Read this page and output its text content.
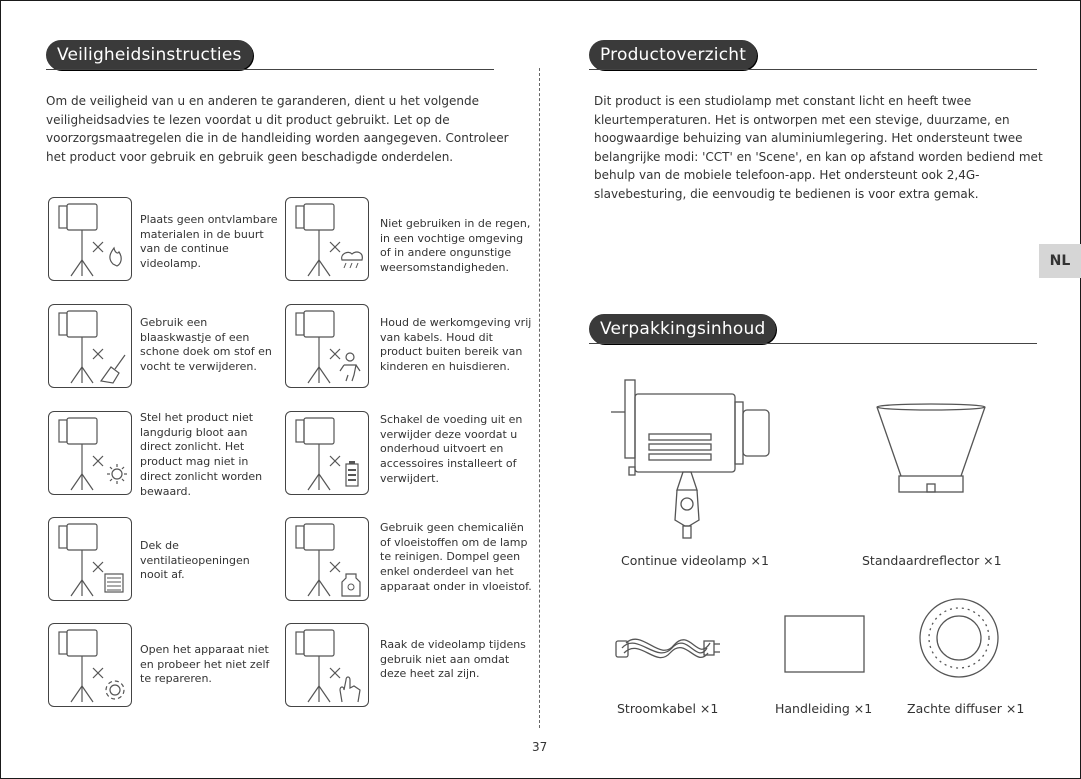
Veiligheidsinstructies
Om de veiligheid van u en anderen te garanderen, dient u het volgende veiligheidsadvies te lezen voordat u dit product gebruikt. Let op de voorzorgsmaatregelen die in de handleiding worden aangegeven. Controleer het product voor gebruik en gebruik geen beschadigde onderdelen.
Plaats geen ontvlambare materialen in de buurt van de continue videolamp.
Niet gebruiken in de regen, in een vochtige omgeving of in andere ongunstige weersomstandigheden.
Gebruik een blaaskwastje of een schone doek om stof en vocht te verwijderen.
Houd de werkomgeving vrij van kabels. Houd dit product buiten bereik van kinderen en huisdieren.
Stel het product niet langdurig bloot aan direct zonlicht. Het product mag niet in direct zonlicht worden bewaard.
Schakel de voeding uit en verwijder deze voordat u onderhoud uitvoert en accessoires installeert of verwijdert.
Dek de ventilatieopeningen nooit af.
Gebruik geen chemicaliën of vloeistoffen om de lamp te reinigen. Dompel geen enkel onderdeel van het apparaat onder in vloeistof.
Open het apparaat niet en probeer het niet zelf te repareren.
Raak de videolamp tijdens gebruik niet aan omdat deze heet zal zijn.
Productoverzicht
Dit product is een studiolamp met constant licht en heeft twee kleurtemperaturen. Het is ontworpen met een stevige, duurzame, en hoogwaardige behuizing van aluminiumlegering. Het ondersteunt twee belangrijke modi: 'CCT' en 'Scene', en kan op afstand worden bediend met behulp van de mobiele telefoon-app. Het ondersteunt ook 2,4G-slavebesturing, die eenvoudig te bedienen is voor extra gemak.
NL
Verpakkingsinhoud
Continue videolamp ×1	Standaardreflector ×1
Stroomkabel ×1	Handleiding ×1	Zachte diffuser ×1
37
